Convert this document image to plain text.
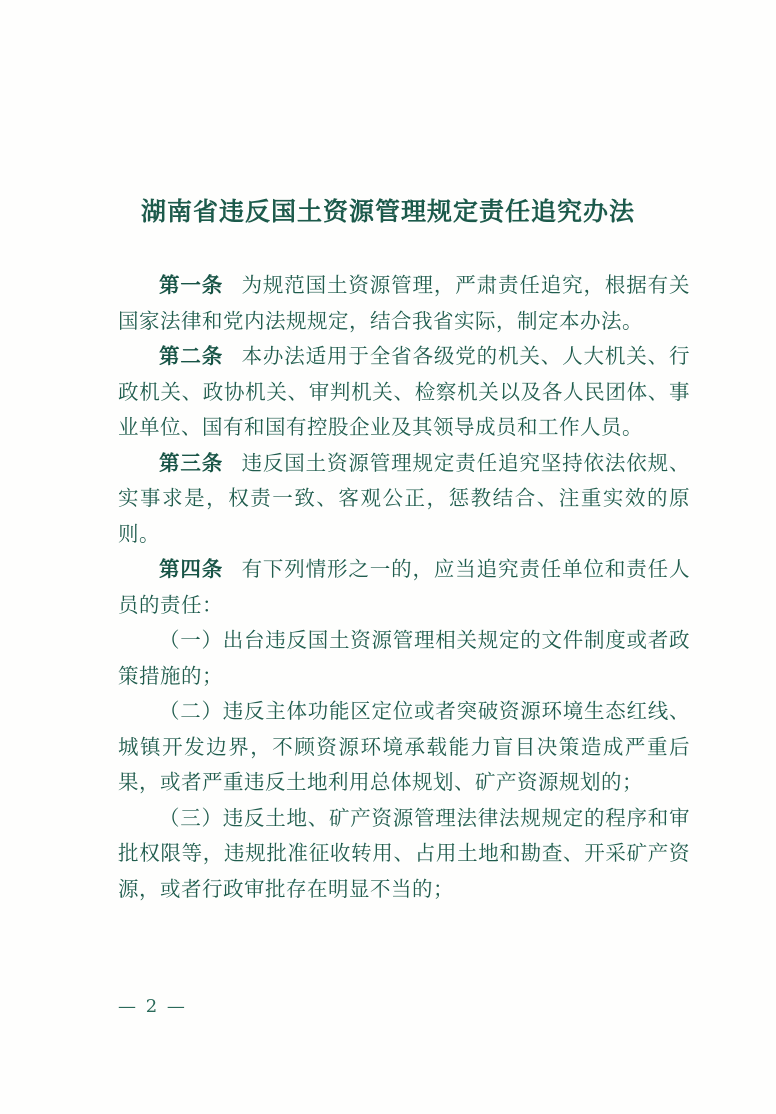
湖南省违反国土资源管理规定责任追究办法

第一条 为规范国土资源管理，严肃责任追究，根据有关国家法律和党内法规规定，结合我省实际，制定本办法。

第二条 本办法适用于全省各级党的机关、人大机关、行政机关、政协机关、审判机关、检察机关以及各人民团体、事业单位、国有和国有控股企业及其领导成员和工作人员。

第三条 违反国土资源管理规定责任追究坚持依法依规、实事求是，权责一致、客观公正，惩教结合、注重实效的原则。

第四条 有下列情形之一的，应当追究责任单位和责任人员的责任：

（一）出台违反国土资源管理相关规定的文件制度或者政策措施的；

（二）违反主体功能区定位或者突破资源环境生态红线、城镇开发边界，不顾资源环境承载能力盲目决策造成严重后果，或者严重违反土地利用总体规划、矿产资源规划的；

（三）违反土地、矿产资源管理法律法规规定的程序和审批权限等，违规批准征收转用、占用土地和勘查、开采矿产资源，或者行政审批存在明显不当的；

— 2 —
